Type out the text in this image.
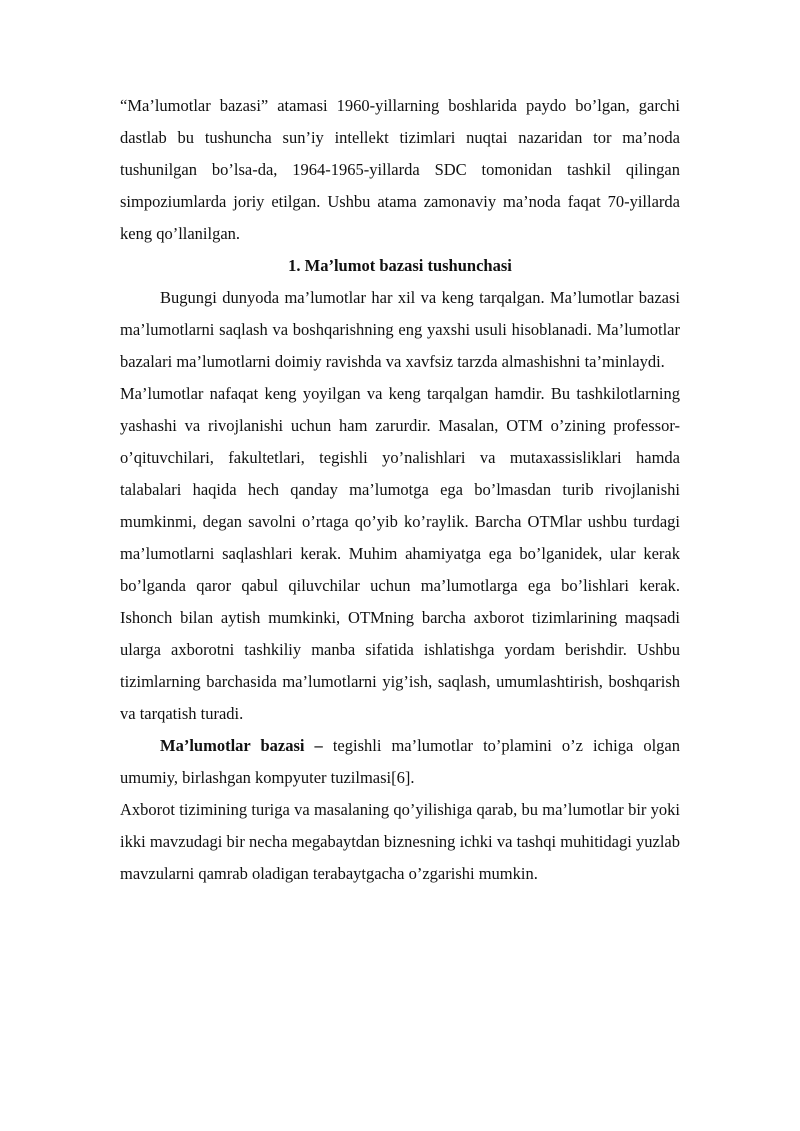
“Ma’lumotlar bazasi” atamasi 1960-yillarning boshlarida paydo bo’lgan, garchi dastlab bu tushuncha sun’iy intellekt tizimlari nuqtai nazaridan tor ma’noda tushunilgan bo’lsa-da, 1964-1965-yillarda SDC tomonidan tashkil qilingan simpoziumlarda joriy etilgan. Ushbu atama zamonaviy ma’noda faqat 70-yillarda keng qo’llanilgan.

1. Ma’lumot bazasi tushunchasi

Bugungi dunyoda ma’lumotlar har xil va keng tarqalgan. Ma’lumotlar bazasi ma’lumotlarni saqlash va boshqarishning eng yaxshi usuli hisoblanadi. Ma’lumotlar bazalari ma’lumotlarni doimiy ravishda va xavfsiz tarzda almashishni ta’minlaydi.

Ma’lumotlar nafaqat keng yoyilgan va keng tarqalgan hamdir. Bu tashkilotlarning yashashi va rivojlanishi uchun ham zarurdir. Masalan, OTM o’zining professor-o’qituvchilari, fakultetlari, tegishli yo’nalishlari va mutaxassisliklari hamda talabalari haqida hech qanday ma’lumotga ega bo’lmasdan turib rivojlanishi mumkinmi, degan savolni o’rtaga qo’yib ko’raylik. Barcha OTMlar ushbu turdagi ma’lumotlarni saqlashlari kerak. Muhim ahamiyatga ega bo’lganidek, ular kerak bo’lganda qaror qabul qiluvchilar uchun ma’lumotlarga ega bo’lishlari kerak. Ishonch bilan aytish mumkinki, OTMning barcha axborot tizimlarining maqsadi ularga axborotni tashkiliy manba sifatida ishlatishga yordam berishdir. Ushbu tizimlarning barchasida ma’lumotlarni yig’ish, saqlash, umumlashtirish, boshqarish va tarqatish turadi.

Ma’lumotlar bazasi – tegishli ma’lumotlar to’plamini o’z ichiga olgan umumiy, birlashgan kompyuter tuzilmasi[6].

Axborot tizimining turiga va masalaning qo’yilishiga qarab, bu ma’lumotlar bir yoki ikki mavzudagi bir necha megabaytdan biznesning ichki va tashqi muhitidagi yuzlab mavzularni qamrab oladigan terabaytgacha o’zgarishi mumkin.
